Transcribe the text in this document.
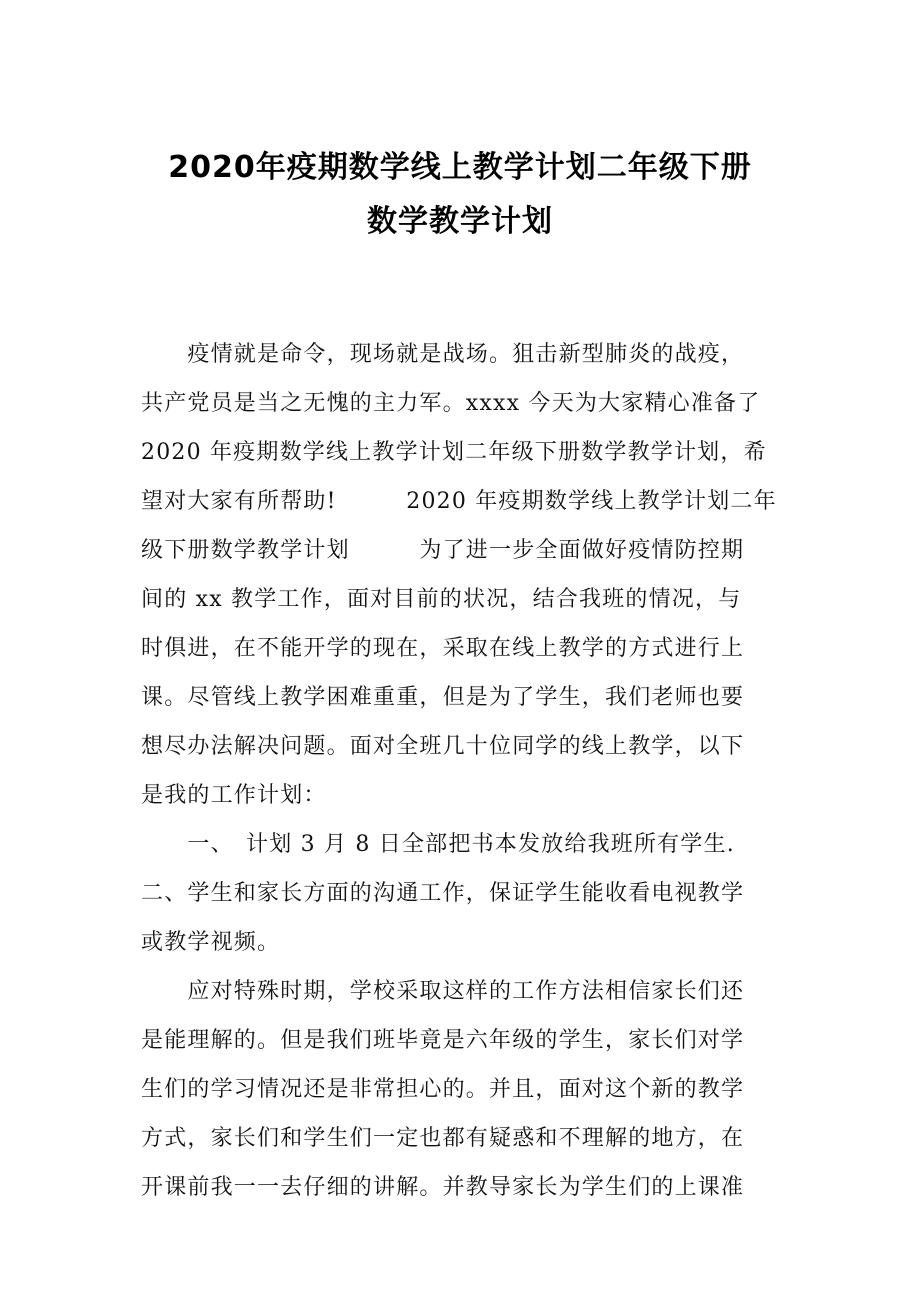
2020年疫期数学线上教学计划二年级下册
数学教学计划
　　疫情就是命令，现场就是战场。狙击新型肺炎的战疫，
共产党员是当之无愧的主力军。xxxx 今天为大家精心准备了
2020 年疫期数学线上教学计划二年级下册数学教学计划，希
望对大家有所帮助!　　　2020 年疫期数学线上教学计划二年
级下册数学教学计划　　　为了进一步全面做好疫情防控期
间的 xx 教学工作，面对目前的状况，结合我班的情况，与
时俱进，在不能开学的现在，采取在线上教学的方式进行上
课。尽管线上教学困难重重，但是为了学生，我们老师也要
想尽办法解决问题。面对全班几十位同学的线上教学，以下
是我的工作计划：
　　一、　计划 3 月 8 日全部把书本发放给我班所有学生.
二、学生和家长方面的沟通工作，保证学生能收看电视教学
或教学视频。
　　应对特殊时期，学校采取这样的工作方法相信家长们还
是能理解的。但是我们班毕竟是六年级的学生，家长们对学
生们的学习情况还是非常担心的。并且，面对这个新的教学
方式，家长们和学生们一定也都有疑惑和不理解的地方，在
开课前我一一去仔细的讲解。并教导家长为学生们的上课准
